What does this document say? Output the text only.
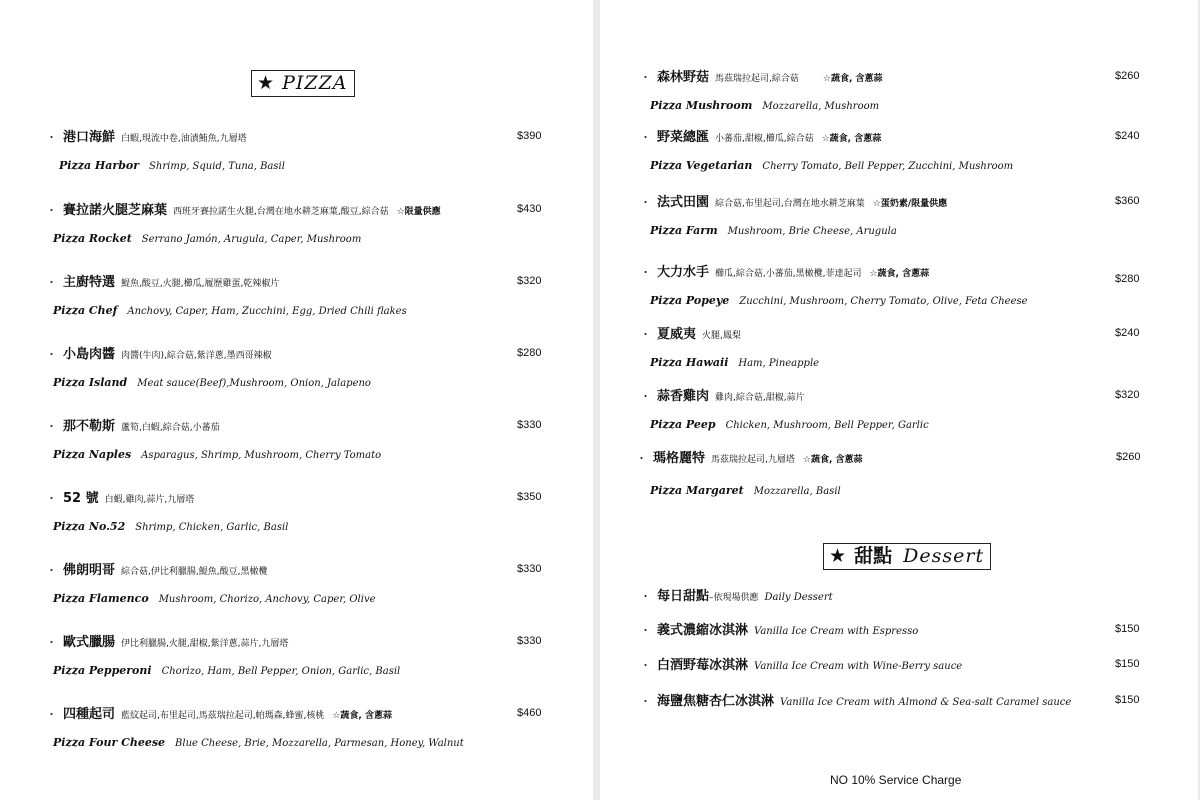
★ PIZZA
・ 港口海鮮 白蝦,現流中卷,油漬鮪魚,九層塔	$390
Pizza Harbor Shrimp, Squid, Tuna, Basil
・ 賽拉諾火腿芝麻葉 西班牙賽拉諾生火腿,台灣在地水耕芝麻葉,酸豆,綜合菇 ☆限量供應	$430
Pizza Rocket Serrano Jamón, Arugula, Caper, Mushroom
・ 主廚特選 鯷魚,酸豆,火腿,櫛瓜,履歷雞蛋,乾辣椒片	$320
Pizza Chef Anchovy, Caper, Ham, Zucchini, Egg, Dried Chili flakes
・ 小島肉醬 肉醬(牛肉),綜合菇,紫洋蔥,墨西哥辣椒	$280
Pizza Island Meat sauce(Beef),Mushroom, Onion, Jalapeno
・ 那不勒斯 蘆筍,白蝦,綜合菇,小蕃茄	$330
Pizza Naples Asparagus, Shrimp, Mushroom, Cherry Tomato
・ 52 號 白蝦,雞肉,蒜片,九層塔	$350
Pizza No.52 Shrimp, Chicken, Garlic, Basil
・ 佛朗明哥 綜合菇,伊比利臘腸,鯷魚,酸豆,黑橄欖	$330
Pizza Flamenco Mushroom, Chorizo, Anchovy, Caper, Olive
・ 歐式臘腸 伊比利臘腸,火腿,甜椒,紫洋蔥,蒜片,九層塔	$330
Pizza Pepperoni Chorizo, Ham, Bell Pepper, Onion, Garlic, Basil
・ 四種起司 藍紋起司,布里起司,馬茲瑞拉起司,帕瑪森,蜂蜜,核桃 ☆蔬食, 含蔥蒜	$460
Pizza Four Cheese Blue Cheese, Brie, Mozzarella, Parmesan, Honey, Walnut
・ 森林野菇 馬茲瑞拉起司,綜合菇	☆蔬食, 含蔥蒜	$260
Pizza Mushroom Mozzarella, Mushroom
・ 野菜總匯 小蕃茄,甜椒,櫛瓜,綜合菇 ☆蔬食, 含蔥蒜	$240
Pizza Vegetarian Cherry Tomato, Bell Pepper, Zucchini, Mushroom
・ 法式田園 綜合菇,布里起司,台灣在地水耕芝麻葉 ☆蛋奶素/限量供應	$360
Pizza Farm Mushroom, Brie Cheese, Arugula
・ 大力水手 櫛瓜,綜合菇,小蕃茄,黑橄欖,菲達起司 ☆蔬食, 含蔥蒜	$280
Pizza Popeye Zucchini, Mushroom, Cherry Tomato, Olive, Feta Cheese
・ 夏威夷 火腿,鳳梨	$240
Pizza Hawaii Ham, Pineapple
・ 蒜香雞肉 雞肉,綜合菇,甜椒,蒜片	$320
Pizza Peep Chicken, Mushroom, Bell Pepper, Garlic
・ 瑪格麗特 馬茲瑞拉起司,九層塔 ☆蔬食, 含蔥蒜	$260
Pizza Margaret Mozzarella, Basil
★ 甜點 Dessert
・ 每日甜點–依現場供應 Daily Dessert
・ 義式濃縮冰淇淋 Vanilla Ice Cream with Espresso	$150
・ 白酒野莓冰淇淋 Vanilla Ice Cream with Wine-Berry sauce	$150
・ 海鹽焦糖杏仁冰淇淋 Vanilla Ice Cream with Almond & Sea-salt Caramel sauce	$150
NO 10% Service Charge
